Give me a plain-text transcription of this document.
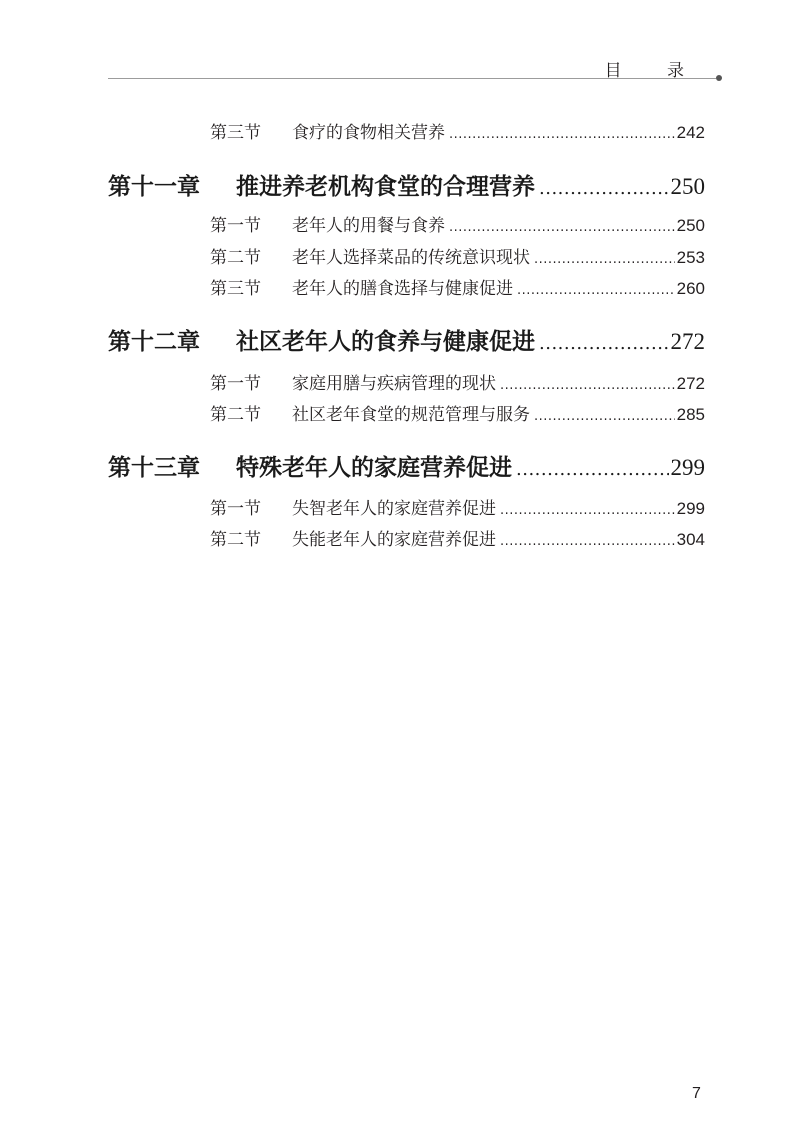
目 录
第三节	食疗的食物相关营养 .....	242
第十一章	推进养老机构食堂的合理营养 .....	250
第一节	老年人的用餐与食养 .....	250
第二节	老年人选择菜品的传统意识现状 .....	253
第三节	老年人的膳食选择与健康促进 .....	260
第十二章	社区老年人的食养与健康促进 .....	272
第一节	家庭用膳与疾病管理的现状 .....	272
第二节	社区老年食堂的规范管理与服务 .....	285
第十三章	特殊老年人的家庭营养促进 .....	299
第一节	失智老年人的家庭营养促进 .....	299
第二节	失能老年人的家庭营养促进 .....	304
7
